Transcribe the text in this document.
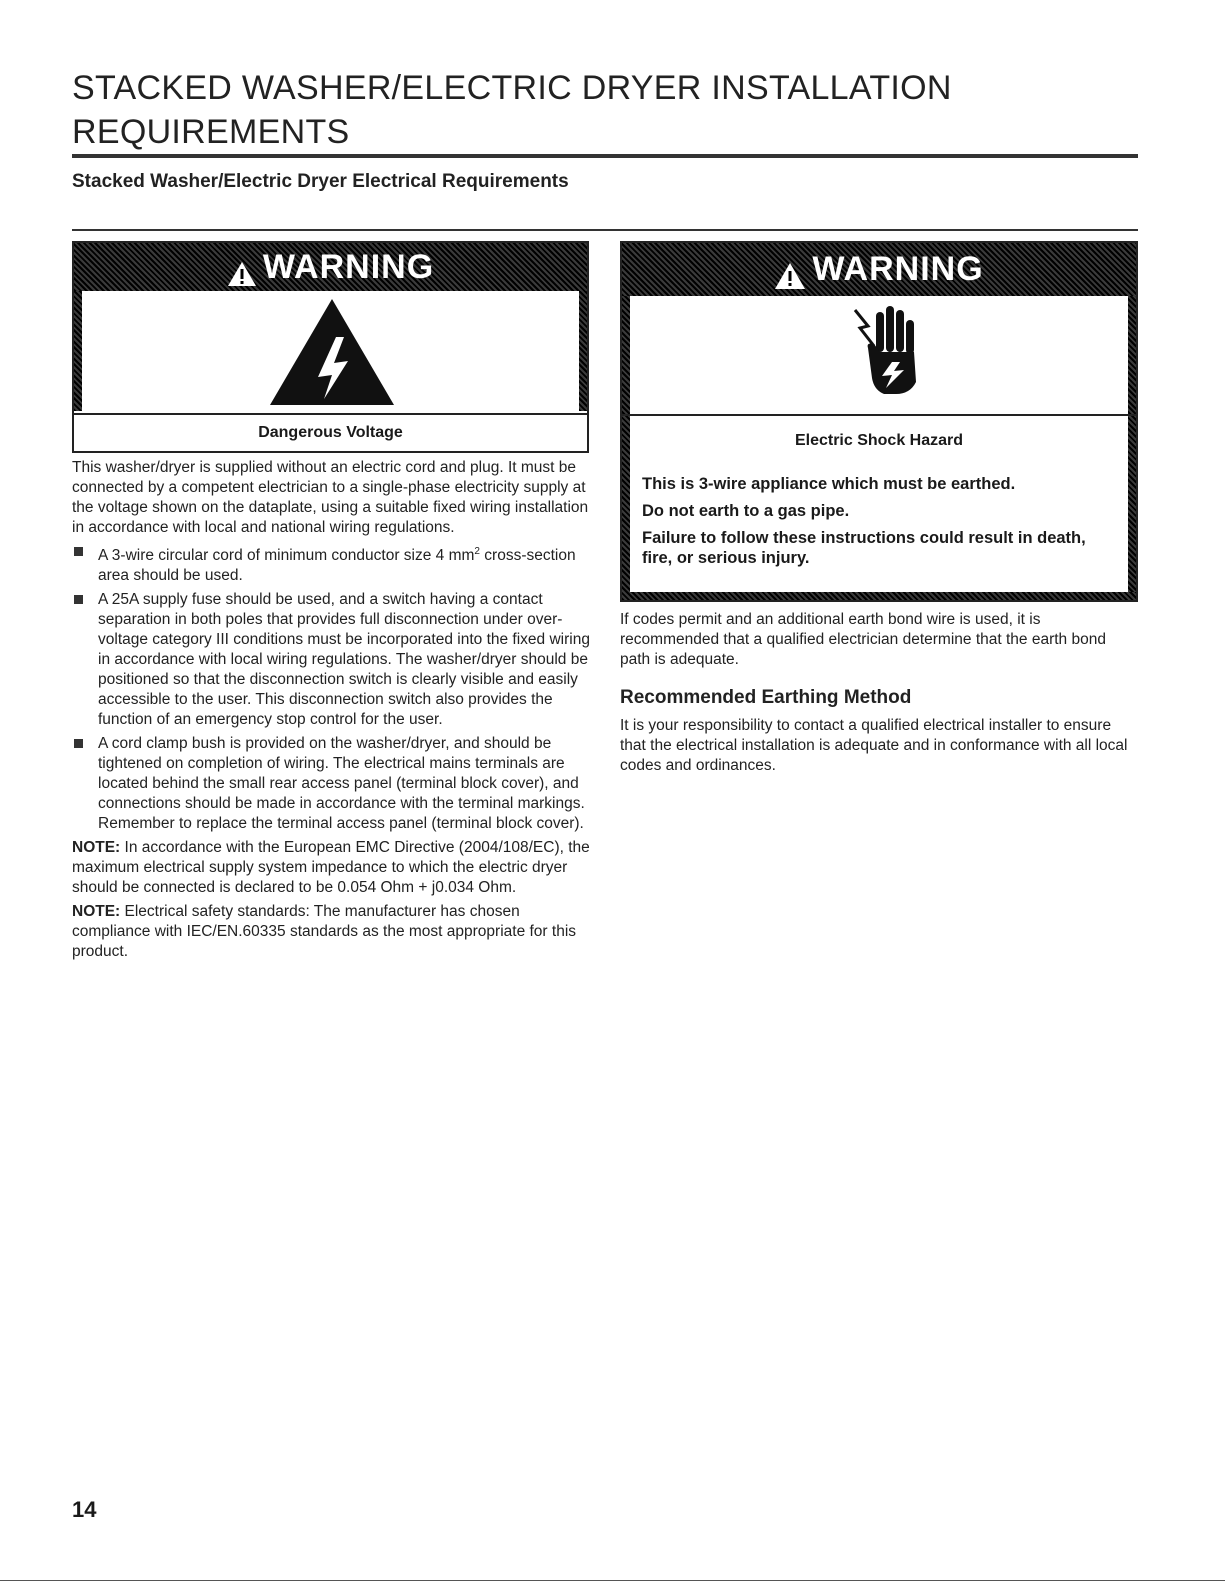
STACKED WASHER/ELECTRIC DRYER INSTALLATION REQUIREMENTS
Stacked Washer/Electric Dryer Electrical Requirements
WARNING
Dangerous Voltage
WARNING
Electric Shock Hazard

This is 3-wire appliance which must be earthed.

Do not earth to a gas pipe.

Failure to follow these instructions could result in death, fire, or serious injury.

This washer/dryer is supplied without an electric cord and plug. It must be connected by a competent electrician to a single-phase electricity supply at the voltage shown on the dataplate, using a suitable fixed wiring installation in accordance with local and national wiring regulations.

A 3-wire circular cord of minimum conductor size 4 $mm^2$ cross-section area should be used.
A 25A supply fuse should be used, and a switch having a contact separation in both poles that provides full disconnection under over-voltage category III conditions must be incorporated into the fixed wiring in accordance with local wiring regulations. The washer/dryer should be positioned so that the disconnection switch is clearly visible and easily accessible to the user. This disconnection switch also provides the function of an emergency stop control for the user.
A cord clamp bush is provided on the washer/dryer, and should be tightened on completion of wiring. The electrical mains terminals are located behind the small rear access panel (terminal block cover), and connections should be made in accordance with the terminal markings. Remember to replace the terminal access panel (terminal block cover).

NOTE: In accordance with the European EMC Directive (2004/108/EC), the maximum electrical supply system impedance to which the electric dryer should be connected is declared to be 0.054 Ohm + j0.034 Ohm.

NOTE: Electrical safety standards: The manufacturer has chosen compliance with IEC/EN.60335 standards as the most appropriate for this product.

If codes permit and an additional earth bond wire is used, it is recommended that a qualified electrician determine that the earth bond path is adequate.

Recommended Earthing Method

It is your responsibility to contact a qualified electrical installer to ensure that the electrical installation is adequate and in conformance with all local codes and ordinances.

14
